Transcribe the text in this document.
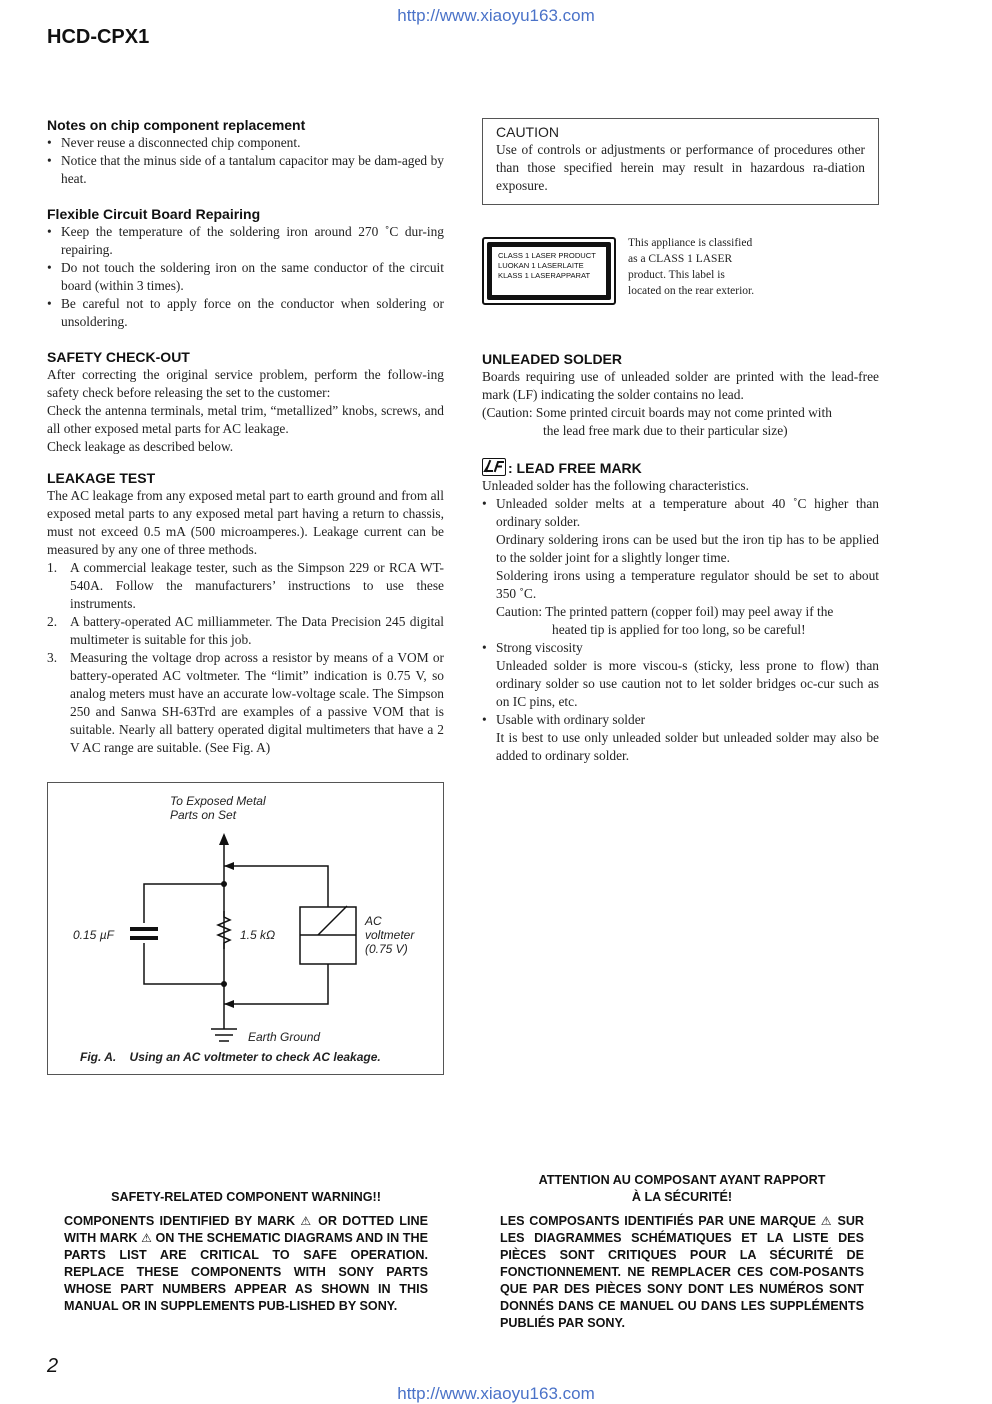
http://www.xiaoyu163.com
HCD-CPX1

Notes on chip component replacement

• Never reuse a disconnected chip component.
• Notice that the minus side of a tantalum capacitor may be dam-aged by heat.

Flexible Circuit Board Repairing

• Keep the temperature of the soldering iron around 270 ˚C dur-ing repairing.
• Do not touch the soldering iron on the same conductor of the circuit board (within 3 times).
• Be careful not to apply force on the conductor when soldering or unsoldering.

SAFETY CHECK-OUT

After correcting the original service problem, perform the follow-ing safety check before releasing the set to the customer:

Check the antenna terminals, metal trim, “metallized” knobs, screws, and all other exposed metal parts for AC leakage.

Check leakage as described below.

LEAKAGE TEST

The AC leakage from any exposed metal part to earth ground and from all exposed metal parts to any exposed metal part having a return to chassis, must not exceed 0.5 mA (500 microamperes.). Leakage current can be measured by any one of three methods.

1. A commercial leakage tester, such as the Simpson 229 or RCA WT-540A. Follow the manufacturers’ instructions to use these instruments.
2. A battery-operated AC milliammeter. The Data Precision 245 digital multimeter is suitable for this job.
3. Measuring the voltage drop across a resistor by means of a VOM or battery-operated AC voltmeter. The “limit” indication is 0.75 V, so analog meters must have an accurate low-voltage scale. The Simpson 250 and Sanwa SH-63Trd are examples of a passive VOM that is suitable. Nearly all battery operated digital multimeters that have a 2 V AC range are suitable. (See Fig. A)
To Exposed Metal
Parts on Set
0.15 µF	1.5 kΩ
AC
voltmeter
(0.75 V)
Earth Ground
Fig. A.    Using an AC voltmeter to check AC leakage.
CAUTION
Use of controls or adjustments or performance of procedures other than those specified herein may result in hazardous ra-diation exposure.
CLASS 1 LASER PRODUCT
LUOKAN 1 LASERLAITE
KLASS 1 LASERAPPARAT
This appliance is classified as a CLASS 1 LASER product. This label is located on the rear exterior.

UNLEADED SOLDER

Boards requiring use of unleaded solder are printed with the lead-free mark (LF) indicating the solder contains no lead.

(Caution: Some printed circuit boards may not come printed with

the lead free mark due to their particular size)

: LEAD FREE MARK

Unleaded solder has the following characteristics.

• Unleaded solder melts at a temperature about 40 ˚C higher than ordinary solder.
Ordinary soldering irons can be used but the iron tip has to be applied to the solder joint for a slightly longer time.
Soldering irons using a temperature regulator should be set to about 350 ˚C.
Caution: The printed pattern (copper foil) may peel away if the
heated tip is applied for too long, so be careful!
• Strong viscosity
Unleaded solder is more viscou-s (sticky, less prone to flow) than ordinary solder so use caution not to let solder bridges oc-cur such as on IC pins, etc.
• Usable with ordinary solder
It is best to use only unleaded solder but unleaded solder may also be added to ordinary solder.
SAFETY-RELATED COMPONENT WARNING!!
COMPONENTS IDENTIFIED BY MARK ⚠ OR DOTTED LINE WITH MARK ⚠ ON THE SCHEMATIC DIAGRAMS AND IN THE PARTS LIST ARE CRITICAL TO SAFE OPERATION. REPLACE THESE COMPONENTS WITH SONY PARTS WHOSE PART NUMBERS APPEAR AS SHOWN IN THIS MANUAL OR IN SUPPLEMENTS PUB-LISHED BY SONY.
ATTENTION AU COMPOSANT AYANT RAPPORT
À LA SÉCURITÉ!
LES COMPOSANTS IDENTIFIÉS PAR UNE MARQUE ⚠ SUR LES DIAGRAMMES SCHÉMATIQUES ET LA LISTE DES PIÈCES SONT CRITIQUES POUR LA SÉCURITÉ DE FONCTIONNEMENT. NE REMPLACER CES COM-POSANTS QUE PAR DES PIÈCES SONY DONT LES NUMÉROS SONT DONNÉS DANS CE MANUEL OU DANS LES SUPPLÉMENTS PUBLIÉS PAR SONY.
2
http://www.xiaoyu163.com
